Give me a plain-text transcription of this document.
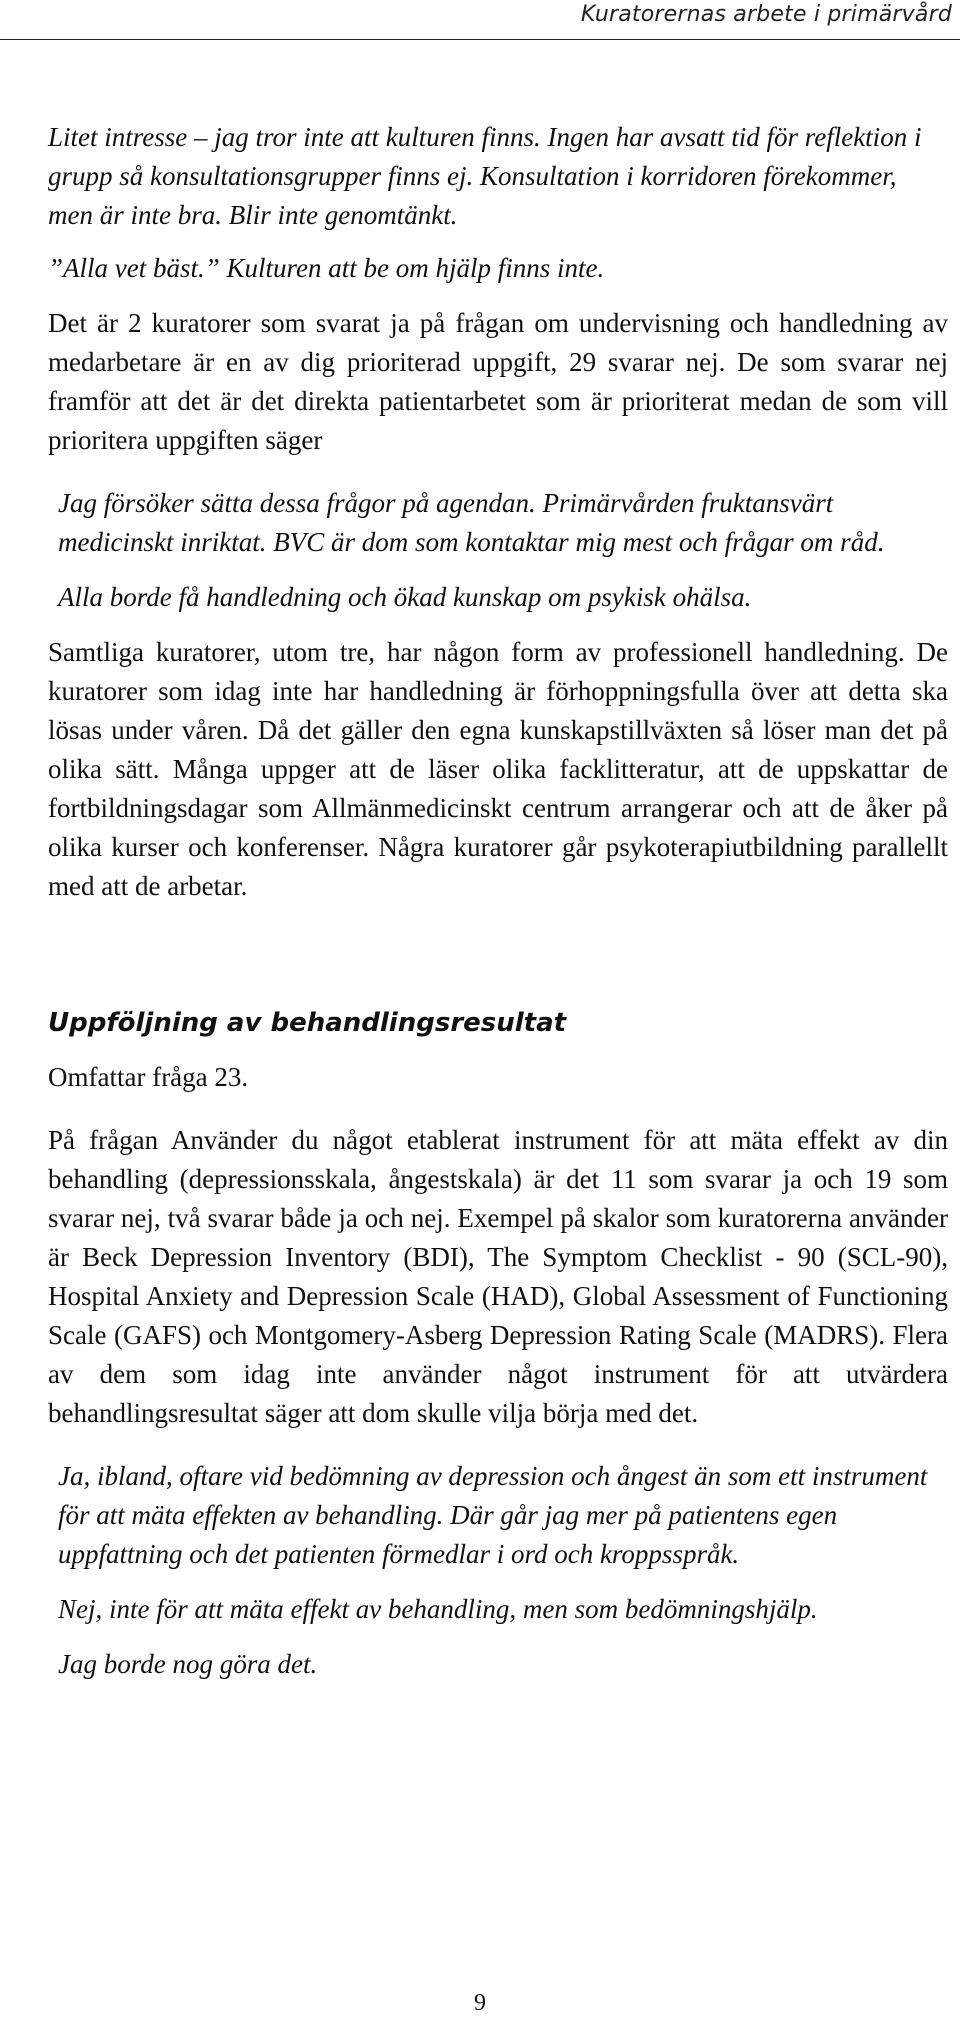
Kuratorernas arbete i primärvård

Litet intresse – jag tror inte att kulturen finns. Ingen har avsatt tid för reflektion i grupp så konsultationsgrupper finns ej. Konsultation i korridoren förekommer, men är inte bra. Blir inte genomtänkt.

”Alla vet bäst.” Kulturen att be om hjälp finns inte.

Det är 2 kuratorer som svarat ja på frågan om undervisning och handledning av medarbetare är en av dig prioriterad uppgift, 29 svarar nej. De som svarar nej framför att det är det direkta patientarbetet som är prioriterat medan de som vill prioritera uppgiften säger

Jag försöker sätta dessa frågor på agendan. Primärvården fruktansvärt medicinskt inriktat. BVC är dom som kontaktar mig mest och frågar om råd.

Alla borde få handledning och ökad kunskap om psykisk ohälsa.

Samtliga kuratorer, utom tre, har någon form av professionell handledning. De kuratorer som idag inte har handledning är förhoppningsfulla över att detta ska lösas under våren. Då det gäller den egna kunskapstillväxten så löser man det på olika sätt. Många uppger att de läser olika facklitteratur, att de uppskattar de fortbildningsdagar som Allmänmedicinskt centrum arrangerar och att de åker på olika kurser och konferenser. Några kuratorer går psykoterapiutbildning parallellt med att de arbetar.

Uppföljning av behandlingsresultat

Omfattar fråga 23.

På frågan Använder du något etablerat instrument för att mäta effekt av din behandling (depressionsskala, ångestskala) är det 11 som svarar ja och 19 som svarar nej, två svarar både ja och nej. Exempel på skalor som kuratorerna använder är Beck Depression Inventory (BDI), The Symptom Checklist - 90 (SCL-90), Hospital Anxiety and Depression Scale (HAD), Global Assessment of Functioning Scale (GAFS) och Montgomery-Asberg Depression Rating Scale (MADRS). Flera av dem som idag inte använder något instrument för att utvärdera behandlingsresultat säger att dom skulle vilja börja med det.

Ja, ibland, oftare vid bedömning av depression och ångest än som ett instrument för att mäta effekten av behandling. Där går jag mer på patientens egen uppfattning och det patienten förmedlar i ord och kroppsspråk.

Nej, inte för att mäta effekt av behandling, men som bedömningshjälp.

Jag borde nog göra det.

9
